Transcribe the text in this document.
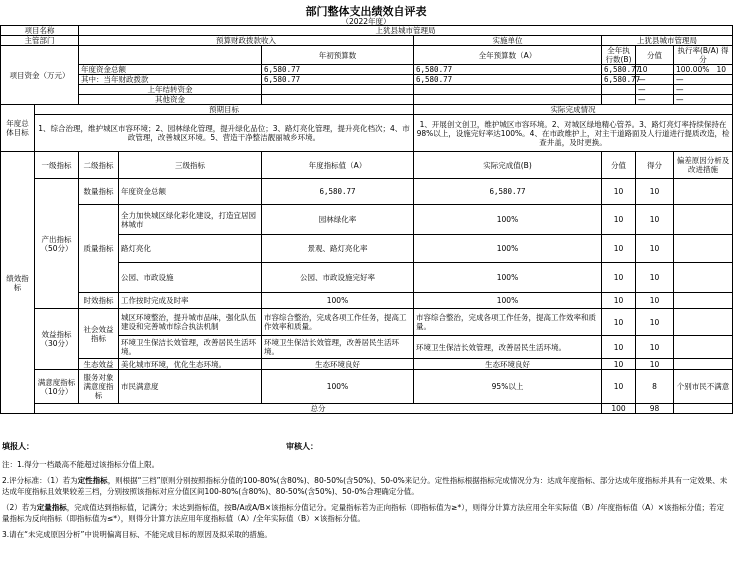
部门整体支出绩效自评表
（2022年度）
项目名称		上犹县城市管理局						
主管部门		预算财政拨款收入			实施单位	上犹县城市管理局		
项目资金（万元）				年初预算数	全年预算数（A）	全年执行数(B)	分值	执行率(B/A) 得分
		年度资金总额		6,580.77	6,580.77	6,580.77	10	100.00% 10
		其中：当年财政拨款		6,580.77	6,580.77	6,580.77	—	—
		上年结转资金					—	—
		其他资金					—	—
年度总体目标	预期目标				实际完成情况			
	1、综合治理，维护城区市容环境；2、园林绿化管理，提升绿化品位；3、路灯亮化管理，提升亮化档次；4、市政管理，改善城区环境。5、营造干净整洁靓丽城乡环境。				1、开展创文创卫，维护城区市容环境。2、对城区绿地精心管养。3、路灯亮灯率持续保持在98%以上，设施完好率达100%。4、在市政维护上，对主干道路面及人行道进行提质改造，检查井盖，及时更换。			
绩效指标	一级指标	二级指标	三级指标	年度指标值（A）	实际完成值(B)	分值	得分	偏差原因分析及改进措施
	产出指标（50分）	数量指标	年度资金总额	6,580.77	6,580.77	10	10	
		质量指标	全力加快城区绿化彩化建设，打造宜居园林城市	园林绿化率	100%	10	10	
			路灯亮化	景观、路灯亮化率	100%	10	10	
			公园、市政设施	公园、市政设施完好率	100%	10	10	
		时效指标	工作按时完成及时率	100%	100%	10	10	
	效益指标（30分）	社会效益指标	城区环境整治，提升城市品味，强化队伍建设和完善城市综合执法机制	市容综合整治，完成各项工作任务，提高工作效率和质量。	市容综合整治，完成各项工作任务，提高工作效率和质量。	10	10	
			环境卫生保洁长效管理，改善居民生活环境。	环境卫生保洁长效管理，改善居民生活环境。	环境卫生保洁长效管理，改善居民生活环境。	10	10	
		生态效益	美化城市环境，优化生态环境。	生态环境良好	生态环境良好	10	10	
	满意度指标（10分）	服务对象满意度指标	市民满意度	100%	95%以上	10	8	个别市民不满意
	总分					100	98	
填报人：	审核人：

注：1.得分一档最高不能超过该指标分值上限。

2.评分标准：（1）若为定性指标，则根据“三档”原则分别按照指标分值的100-80%(含80%)、80-50%(含50%)、50-0%来记分。定性指标根据指标完成情况分为：达成年度指标、部分达成年度指标并具有一定效果、未达成年度指标且效果较差三档，分别按照该指标对应分值区间100-80%(含80%)、80-50%(含50%)、50-0%合理确定分值。

（2）若为定量指标，完成值达到指标值，记满分；未达到指标值，按B/A或A/B×该指标分值记分。定量指标若为正向指标（即指标值为≥*），则得分计算方法应用全年实际值（B）/年度指标值（A）×该指标分值；若定量指标为反向指标（即指标值为≤*），则得分计算方法应用年度指标值（A）/全年实际值（B）×该指标分值。

3.请在“未完成原因分析”中说明偏离目标、不能完成目标的原因及拟采取的措施。
